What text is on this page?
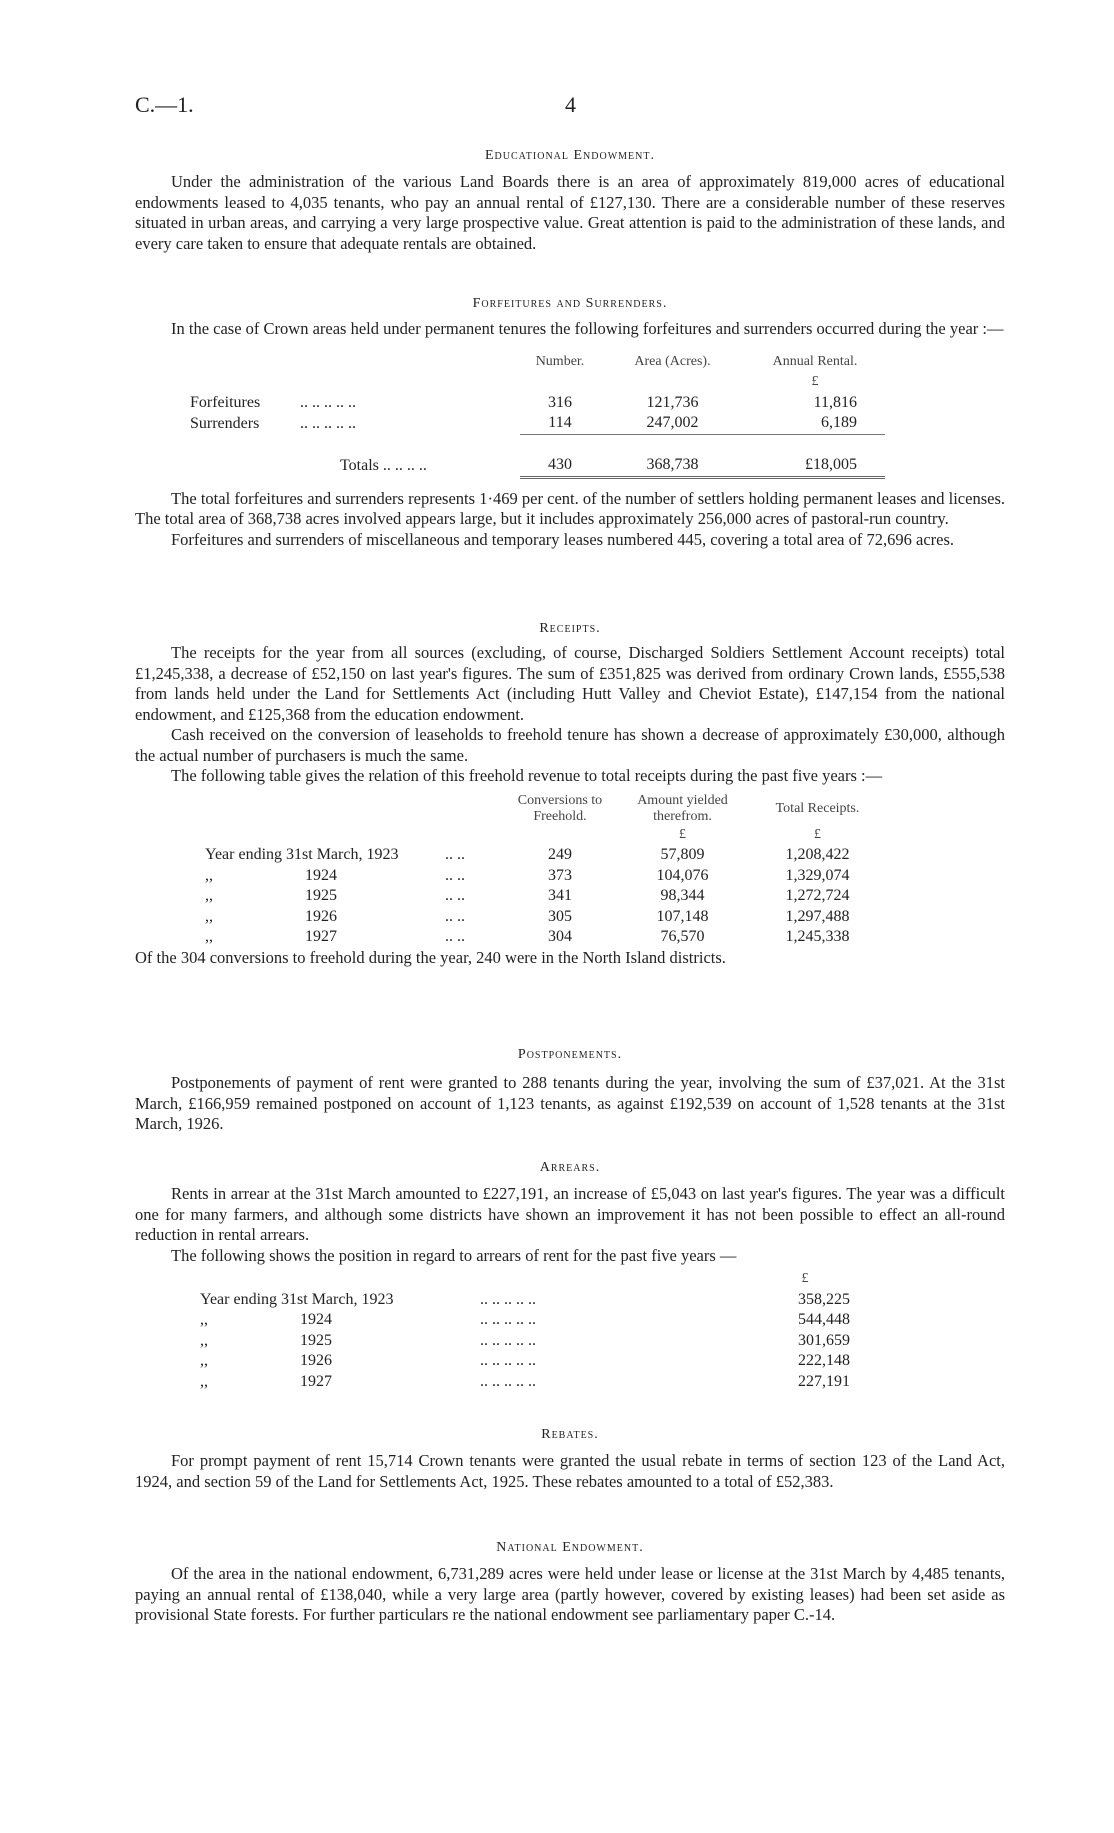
C.—1.	4
Educational Endowment.

Under the administration of the various Land Boards there is an area of approximately 819,000 acres of educational endowments leased to 4,035 tenants, who pay an annual rental of £127,130. There are a considerable number of these reserves situated in urban areas, and carrying a very large prospective value. Great attention is paid to the administration of these lands, and every care taken to ensure that adequate rentals are obtained.

Forfeitures and Surrenders.

In the case of Crown areas held under permanent tenures the following forfeitures and surrenders occurred during the year :—

		Number.	Area (Acres).	Annual Rental.
				£
Forfeitures	.. .. .. .. ..	316	121,736	11,816
Surrenders	.. .. .. .. ..	114	247,002	6,189

	Totals .. .. .. ..	430	368,738	£18,005

The total forfeitures and surrenders represents 1·469 per cent. of the number of settlers holding permanent leases and licenses. The total area of 368,738 acres involved appears large, but it includes approximately 256,000 acres of pastoral-run country.

Forfeitures and surrenders of miscellaneous and temporary leases numbered 445, covering a total area of 72,696 acres.

Receipts.

The receipts for the year from all sources (excluding, of course, Discharged Soldiers Settlement Account receipts) total £1,245,338, a decrease of £52,150 on last year's figures. The sum of £351,825 was derived from ordinary Crown lands, £555,538 from lands held under the Land for Settlements Act (including Hutt Valley and Cheviot Estate), £147,154 from the national endowment, and £125,368 from the education endowment.

Cash received on the conversion of leaseholds to freehold tenure has shown a decrease of approximately £30,000, although the actual number of purchasers is much the same.

The following table gives the relation of this freehold revenue to total receipts during the past five years :—

		Conversions to Freehold.	Amount yielded therefrom.	Total Receipts.
			£	£
Year ending 31st March, 1923	.. ..	249	57,809	1,208,422
,,                       1924	.. ..	373	104,076	1,329,074
,,                       1925	.. ..	341	98,344	1,272,724
,,                       1926	.. ..	305	107,148	1,297,488
,,                       1927	.. ..	304	76,570	1,245,338

Of the 304 conversions to freehold during the year, 240 were in the North Island districts.

Postponements.

Postponements of payment of rent were granted to 288 tenants during the year, involving the sum of £37,021. At the 31st March, £166,959 remained postponed on account of 1,123 tenants, as against £192,539 on account of 1,528 tenants at the 31st March, 1926.

Arrears.

Rents in arrear at the 31st March amounted to £227,191, an increase of £5,043 on last year's figures. The year was a difficult one for many farmers, and although some districts have shown an improvement it has not been possible to effect an all-round reduction in rental arrears.

The following shows the position in regard to arrears of rent for the past five years —

		£
Year ending 31st March, 1923	.. .. .. .. ..	358,225
,,                       1924	.. .. .. .. ..	544,448
,,                       1925	.. .. .. .. ..	301,659
,,                       1926	.. .. .. .. ..	222,148
,,                       1927	.. .. .. .. ..	227,191
Rebates.

For prompt payment of rent 15,714 Crown tenants were granted the usual rebate in terms of section 123 of the Land Act, 1924, and section 59 of the Land for Settlements Act, 1925. These rebates amounted to a total of £52,383.

National Endowment.

Of the area in the national endowment, 6,731,289 acres were held under lease or license at the 31st March by 4,485 tenants, paying an annual rental of £138,040, while a very large area (partly however, covered by existing leases) had been set aside as provisional State forests. For further particulars re the national endowment see parliamentary paper C.-14.
